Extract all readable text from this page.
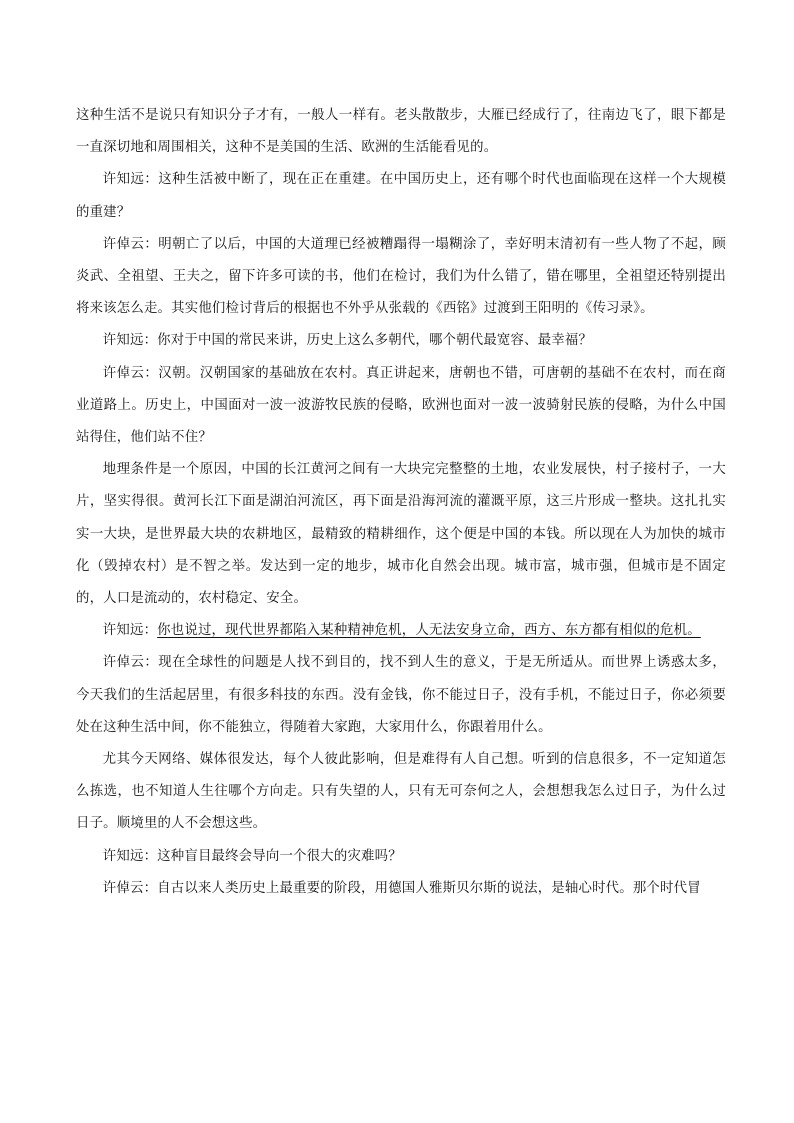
这种生活不是说只有知识分子才有，一般人一样有。老头散散步，大雁已经成行了，往南边飞了，眼下都是一直深切地和周围相关，这种不是美国的生活、欧洲的生活能看见的。

许知远：这种生活被中断了，现在正在重建。在中国历史上，还有哪个时代也面临现在这样一个大规模的重建？

许倬云：明朝亡了以后，中国的大道理已经被糟蹋得一塌糊涂了，幸好明末清初有一些人物了不起，顾炎武、全祖望、王夫之，留下许多可读的书，他们在检讨，我们为什么错了，错在哪里，全祖望还特别提出将来该怎么走。其实他们检讨背后的根据也不外乎从张载的《西铭》过渡到王阳明的《传习录》。

许知远：你对于中国的常民来讲，历史上这么多朝代，哪个朝代最宽容、最幸福？

许倬云：汉朝。汉朝国家的基础放在农村。真正讲起来，唐朝也不错，可唐朝的基础不在农村，而在商业道路上。历史上，中国面对一波一波游牧民族的侵略，欧洲也面对一波一波骑射民族的侵略，为什么中国站得住，他们站不住？

地理条件是一个原因，中国的长江黄河之间有一大块完完整整的土地，农业发展快，村子接村子，一大片，坚实得很。黄河长江下面是湖泊河流区，再下面是沿海河流的灌溉平原，这三片形成一整块。这扎扎实实一大块，是世界最大块的农耕地区，最精致的精耕细作，这个便是中国的本钱。所以现在人为加快的城市化（毁掉农村）是不智之举。发达到一定的地步，城市化自然会出现。城市富，城市强，但城市是不固定的，人口是流动的，农村稳定、安全。

许知远：你也说过，现代世界都陷入某种精神危机，人无法安身立命，西方、东方都有相似的危机。

许倬云：现在全球性的问题是人找不到目的，找不到人生的意义，于是无所适从。而世界上诱惑太多，今天我们的生活起居里，有很多科技的东西。没有金钱，你不能过日子，没有手机，不能过日子，你必须要处在这种生活中间，你不能独立，得随着大家跑，大家用什么，你跟着用什么。

尤其今天网络、媒体很发达，每个人彼此影响，但是难得有人自己想。听到的信息很多，不一定知道怎么拣选，也不知道人生往哪个方向走。只有失望的人，只有无可奈何之人，会想想我怎么过日子，为什么过日子。顺境里的人不会想这些。

许知远：这种盲目最终会导向一个很大的灾难吗？

许倬云：自古以来人类历史上最重要的阶段，用德国人雅斯贝尔斯的说法，是轴心时代。那个时代冒
